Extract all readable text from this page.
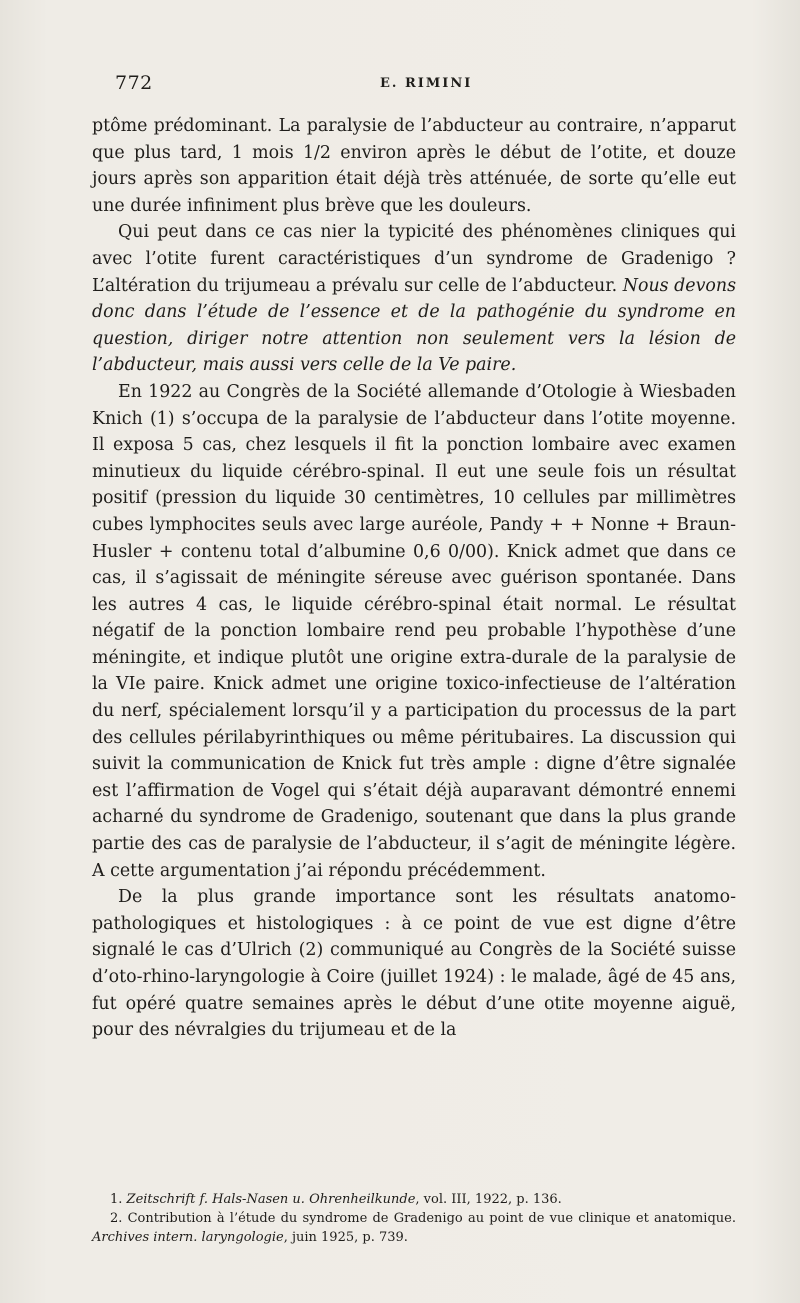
772	E. RIMINI

ptôme prédominant. La paralysie de l’abducteur au contraire, n’apparut que plus tard, 1 mois 1/2 environ après le début de l’otite, et douze jours après son apparition était déjà très atténuée, de sorte qu’elle eut une durée infiniment plus brève que les douleurs.

Qui peut dans ce cas nier la typicité des phénomènes cliniques qui avec l’otite furent caractéristiques d’un syndrome de Gradenigo ? L’altération du trijumeau a prévalu sur celle de l’abducteur. Nous devons donc dans l’étude de l’essence et de la pathogénie du syndrome en question, diriger notre attention non seulement vers la lésion de l’abducteur, mais aussi vers celle de la Ve paire.

En 1922 au Congrès de la Société allemande d’Otologie à Wiesbaden Knich (1) s’occupa de la paralysie de l’abducteur dans l’otite moyenne. Il exposa 5 cas, chez lesquels il fit la ponction lombaire avec examen minutieux du liquide cérébro-spinal. Il eut une seule fois un résultat positif (pression du liquide 30 centimètres, 10 cellules par millimètres cubes lymphocites seuls avec large auréole, Pandy + + Nonne + Braun-Husler + contenu total d’albumine 0,6 0/00). Knick admet que dans ce cas, il s’agissait de méningite séreuse avec guérison spontanée. Dans les autres 4 cas, le liquide cérébro-spinal était normal. Le résultat négatif de la ponction lombaire rend peu probable l’hypothèse d’une méningite, et indique plutôt une origine extra-durale de la paralysie de la VIe paire. Knick admet une origine toxico-infectieuse de l’altération du nerf, spécialement lorsqu’il y a participation du processus de la part des cellules périlabyrinthiques ou même péritubaires. La discussion qui suivit la communication de Knick fut très ample : digne d’être signalée est l’affirmation de Vogel qui s’était déjà auparavant démontré ennemi acharné du syndrome de Gradenigo, soutenant que dans la plus grande partie des cas de paralysie de l’abducteur, il s’agit de méningite légère. A cette argumentation j’ai répondu précédemment.

De la plus grande importance sont les résultats anatomo-pathologiques et histologiques : à ce point de vue est digne d’être signalé le cas d’Ulrich (2) communiqué au Congrès de la Société suisse d’oto-rhino-laryngologie à Coire (juillet 1924) : le malade, âgé de 45 ans, fut opéré quatre semaines après le début d’une otite moyenne aiguë, pour des névralgies du trijumeau et de la

1. Zeitschrift f. Hals-Nasen u. Ohrenheilkunde, vol. III, 1922, p. 136.

2. Contribution à l’étude du syndrome de Gradenigo au point de vue clinique et anatomique. Archives intern. laryngologie, juin 1925, p. 739.
